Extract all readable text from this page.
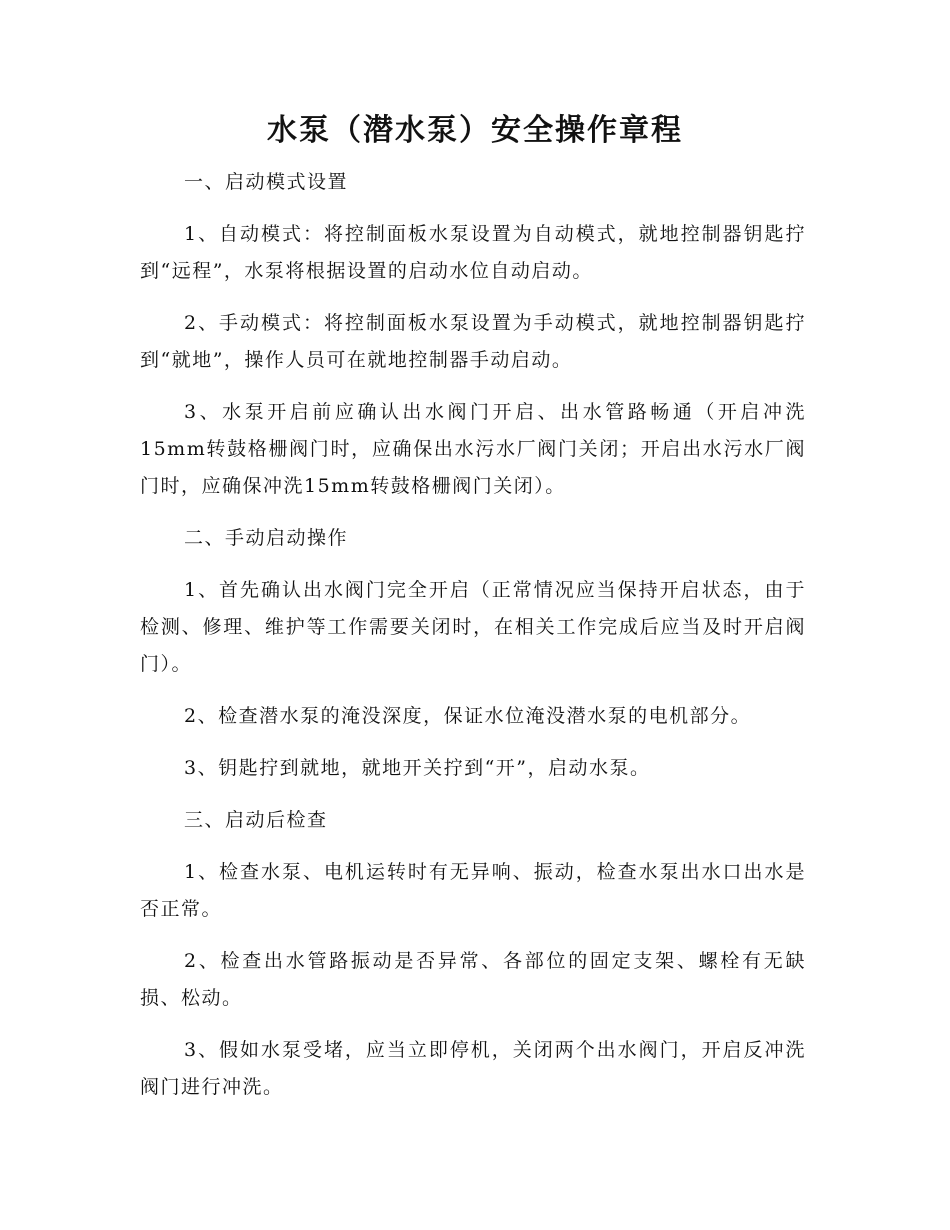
水泵（潜水泵）安全操作章程

一、启动模式设置

1、自动模式：将控制面板水泵设置为自动模式，就地控制器钥匙拧到“远程”，水泵将根据设置的启动水位自动启动。

2、手动模式：将控制面板水泵设置为手动模式，就地控制器钥匙拧到“就地”，操作人员可在就地控制器手动启动。

3、水泵开启前应确认出水阀门开启、出水管路畅通（开启冲洗15mm转鼓格栅阀门时，应确保出水污水厂阀门关闭；开启出水污水厂阀门时，应确保冲洗15mm转鼓格栅阀门关闭）。

二、手动启动操作

1、首先确认出水阀门完全开启（正常情况应当保持开启状态，由于检测、修理、维护等工作需要关闭时，在相关工作完成后应当及时开启阀门）。

2、检查潜水泵的淹没深度，保证水位淹没潜水泵的电机部分。

3、钥匙拧到就地，就地开关拧到“开”，启动水泵。

三、启动后检查

1、检查水泵、电机运转时有无异响、振动，检查水泵出水口出水是否正常。

2、检查出水管路振动是否异常、各部位的固定支架、螺栓有无缺损、松动。

3、假如水泵受堵，应当立即停机，关闭两个出水阀门，开启反冲洗阀门进行冲洗。
